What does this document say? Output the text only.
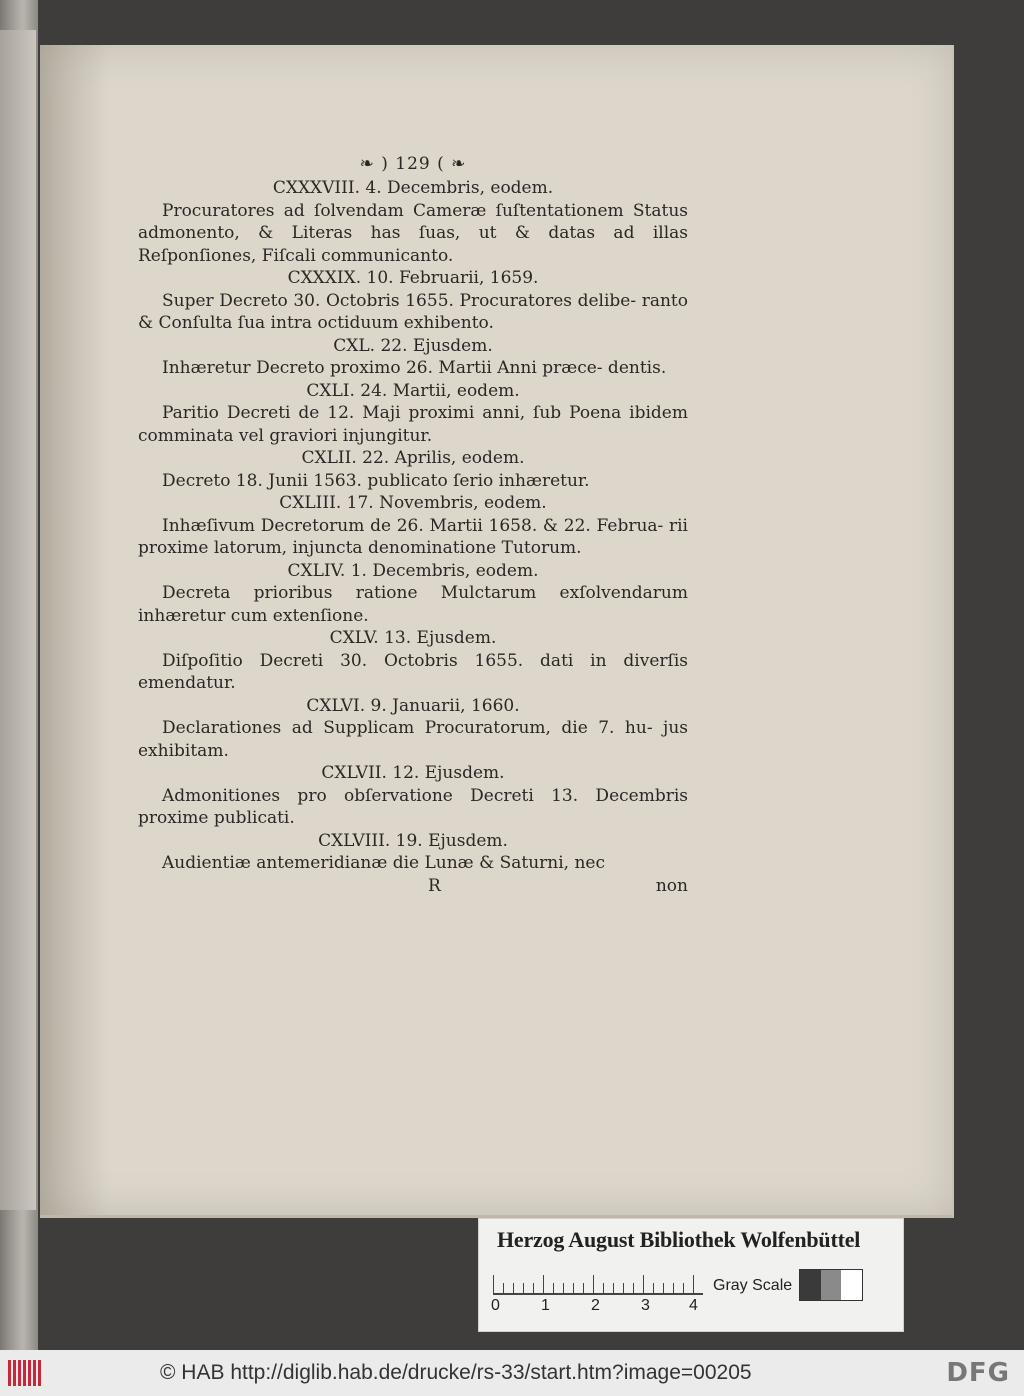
❧ ) 129 ( ❧
CXXXVIII. 4. Decembris, eodem.
Procuratores ad ſolvendam Cameræ ſuſtentationem Status admonento, & Literas has ſuas, ut & datas ad illas Reſponſiones, Fiſcali communicanto.
CXXXIX. 10. Februarii, 1659.
Super Decreto 30. Octobris 1655. Procuratores delibe- ranto & Conſulta ſua intra octiduum exhibento.
CXL. 22. Ejusdem.
Inhæretur Decreto proximo 26. Martii Anni præce- dentis.
CXLI. 24. Martii, eodem.
Paritio Decreti de 12. Maji proximi anni, ſub Poena ibidem comminata vel graviori injungitur.
CXLII. 22. Aprilis, eodem.
Decreto 18. Junii 1563. publicato ſerio inhæretur.
CXLIII. 17. Novembris, eodem.
Inhæſivum Decretorum de 26. Martii 1658. & 22. Februa- rii proxime latorum, injuncta denominatione Tutorum.
CXLIV. 1. Decembris, eodem.
Decreta prioribus ratione Mulctarum exſolvendarum inhæretur cum extenſione.
CXLV. 13. Ejusdem.
Diſpoſitio Decreti 30. Octobris 1655. dati in diverſis emendatur.
CXLVI. 9. Januarii, 1660.
Declarationes ad Supplicam Procuratorum, die 7. hu- jus exhibitam.
CXLVII. 12. Ejusdem.
Admonitiones pro obſervatione Decreti 13. Decembris proxime publicati.
CXLVIII. 19. Ejusdem.
Audientiæ antemeridianæ die Lunæ & Saturni, nec
R	non
Herzog August Bibliothek Wolfenbüttel
0	1	2	3 4
Gray Scale
© HAB http://diglib.hab.de/drucke/rs-33/start.htm?image=00205	DFG
